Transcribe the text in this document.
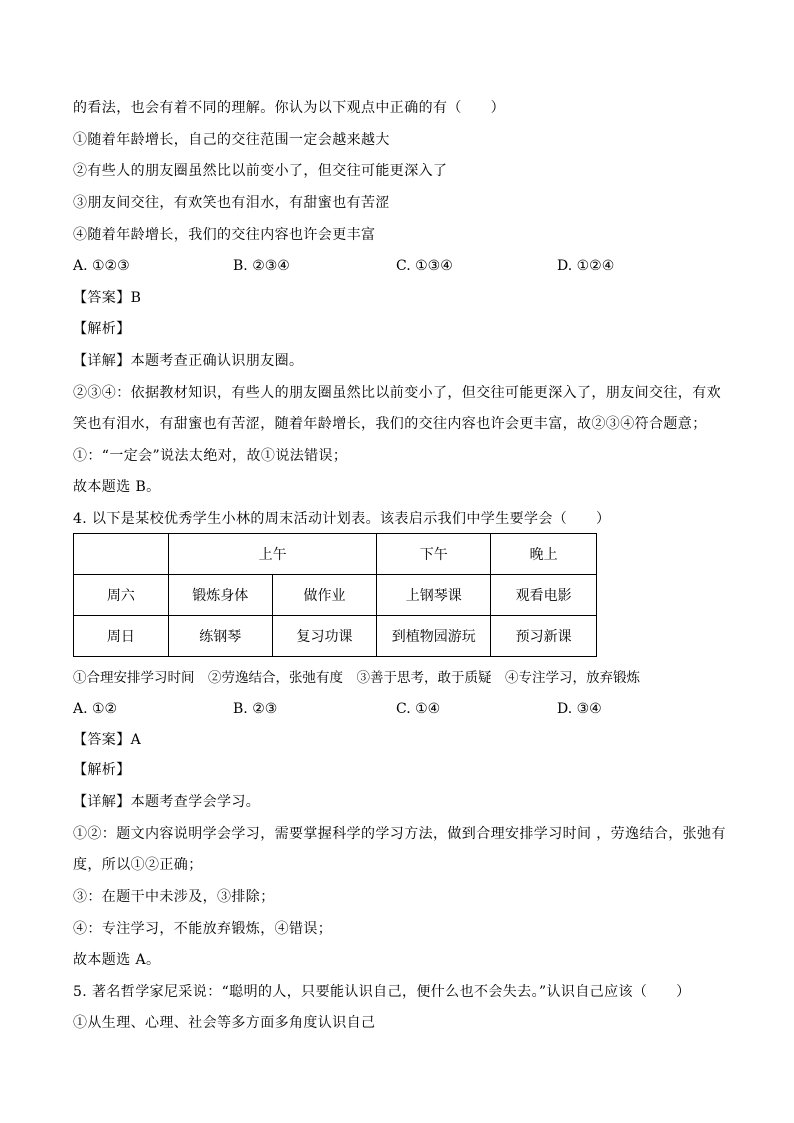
的看法，也会有着不同的理解。你认为以下观点中正确的有（　　）
①随着年龄增长，自己的交往范围一定会越来越大
②有些人的朋友圈虽然比以前变小了，但交往可能更深入了
③朋友间交往，有欢笑也有泪水，有甜蜜也有苦涩
④随着年龄增长，我们的交往内容也许会更丰富
A. ①②③	B. ②③④	C. ①③④	D. ①②④
【答案】B
【解析】
【详解】本题考查正确认识朋友圈。
②③④：依据教材知识，有些人的朋友圈虽然比以前变小了，但交往可能更深入了，朋友间交往，有欢
笑也有泪水，有甜蜜也有苦涩，随着年龄增长，我们的交往内容也许会更丰富，故②③④符合题意；
①：“一定会”说法太绝对，故①说法错误；
故本题选 B。
4. 以下是某校优秀学生小林的周末活动计划表。该表启示我们中学生要学会（　　）
	上午		下午	晚上
周六	锻炼身体	做作业	上钢琴课	观看电影
周日	练钢琴	复习功课	到植物园游玩	预习新课
①合理安排学习时间　②劳逸结合，张弛有度　③善于思考，敢于质疑　④专注学习，放弃锻炼
A. ①②	B. ②③	C. ①④	D. ③④
【答案】A
【解析】
【详解】本题考查学会学习。
①②：题文内容说明学会学习，需要掌握科学的学习方法，做到合理安排学习时间 ，劳逸结合，张弛有
度，所以①②正确；
③：在题干中未涉及，③排除；
④：专注学习，不能放弃锻炼，④错误；
故本题选 A。
5. 著名哲学家尼采说：“聪明的人，只要能认识自己，便什么也不会失去。”认识自己应该（　　）
①从生理、心理、社会等多方面多角度认识自己
